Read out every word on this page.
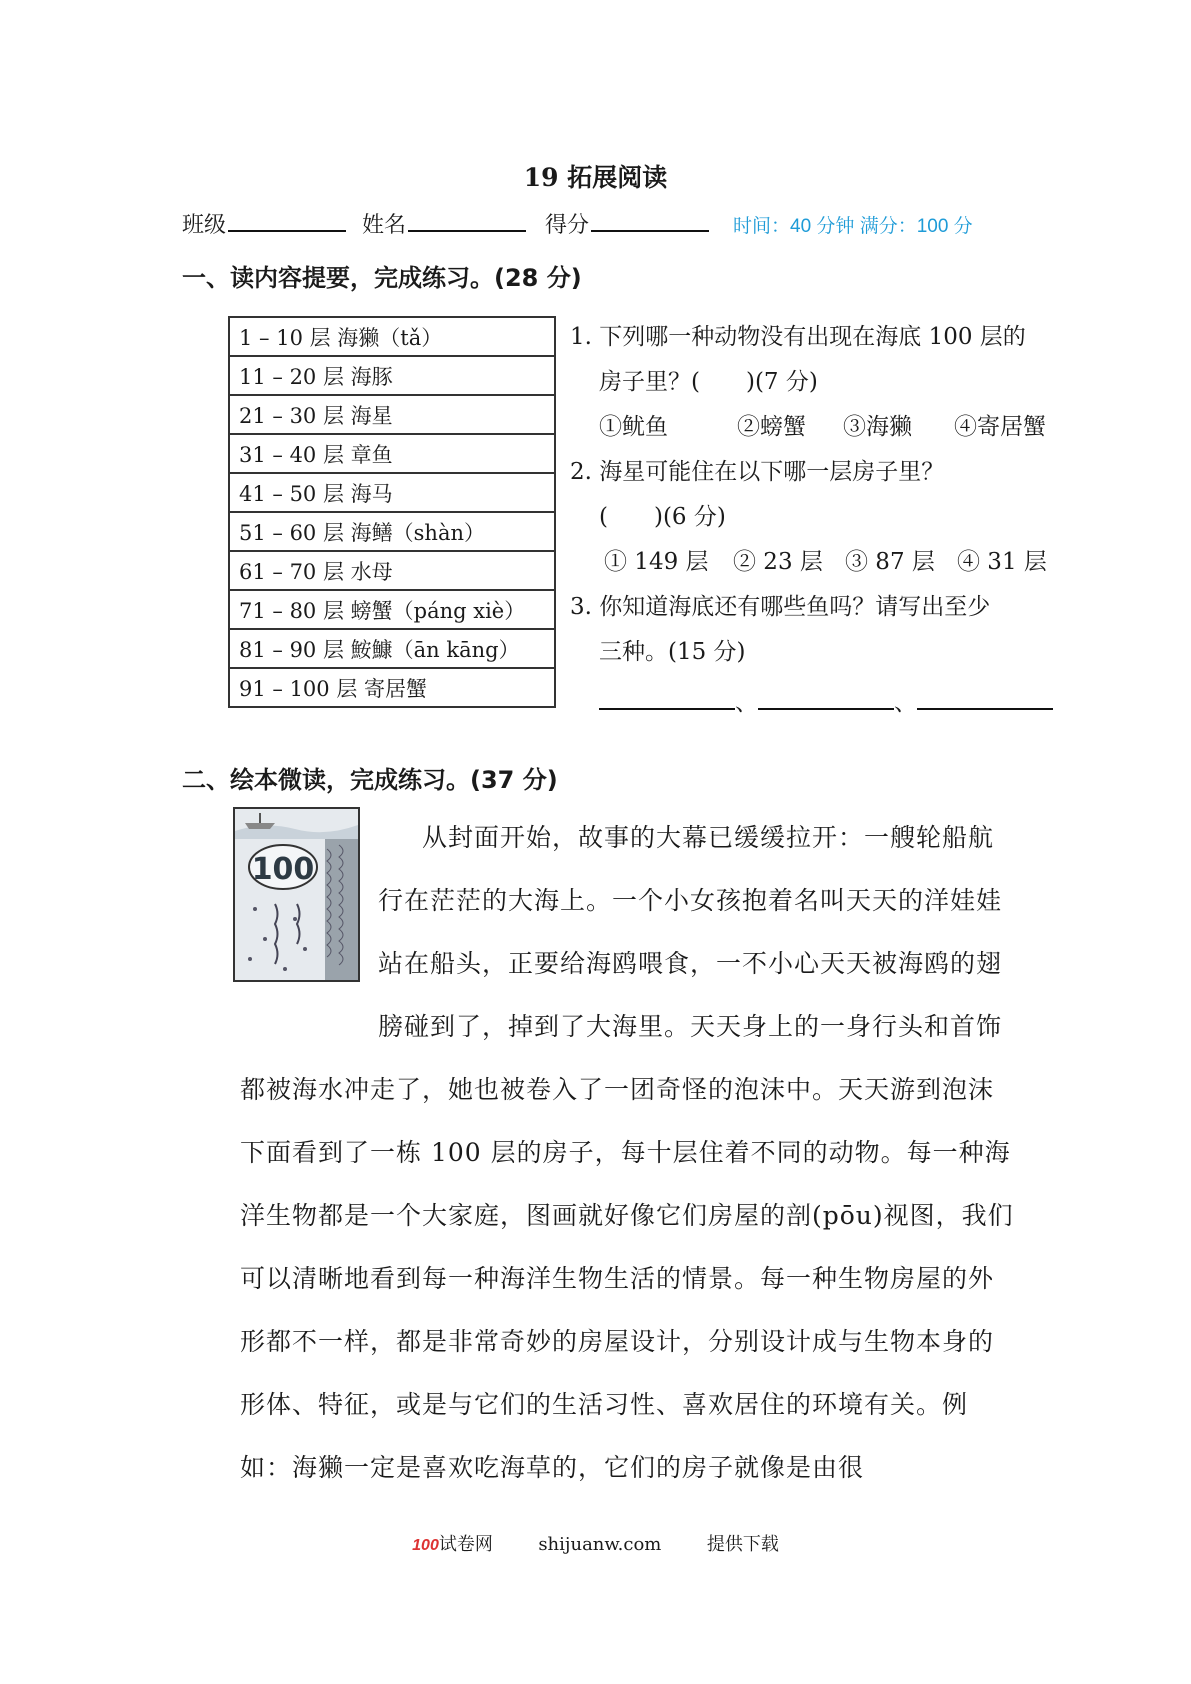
19 拓展阅读
班级	姓名	得分	时间：40 分钟 满分：100 分
一、读内容提要，完成练习。(28 分)
1 – 10 层 海獭（tǎ）
11 – 20 层 海豚
21 – 30 层 海星
31 – 40 层 章鱼
41 – 50 层 海马
51 – 60 层 海鳝（shàn）
61 – 70 层 水母
71 – 80 层 螃蟹（páng xiè）
81 – 90 层 鮟鱇（ān kāng）
91 – 100 层 寄居蟹
1. 下列哪一种动物没有出现在海底 100 层的
房子里？(　　)(7 分)
①鱿鱼	②螃蟹 ③海獭 ④寄居蟹
2. 海星可能住在以下哪一层房子里？
(　　)(6 分)
① 149 层 ② 23 层 ③ 87 层 ④ 31 层
3. 你知道海底还有哪些鱼吗？请写出至少
三种。(15 分)
、	、
二、绘本微读，完成练习。(37 分)
100
从封面开始，故事的大幕已缓缓拉开：一艘轮船航行在茫茫的大海上。一个小女孩抱着名叫天天的洋娃娃站在船头，正要给海鸥喂食，一不小心天天被海鸥的翅膀碰到了，掉到了大海里。天天身上的一身行头和首饰都被海水冲走了，她也被卷入了一团奇怪的泡沫中。天天游到泡沫下面看到了一栋 100 层的房子，每十层住着不同的动物。每一种海洋生物都是一个大家庭，图画就好像它们房屋的剖(pōu)视图，我们可以清晰地看到每一种海洋生物生活的情景。每一种生物房屋的外形都不一样，都是非常奇妙的房屋设计，分别设计成与生物本身的形体、特征，或是与它们的生活习性、喜欢居住的环境有关。例如：海獭一定是喜欢吃海草的，它们的房子就像是由很
100试卷网	shijuanw.com	提供下载
